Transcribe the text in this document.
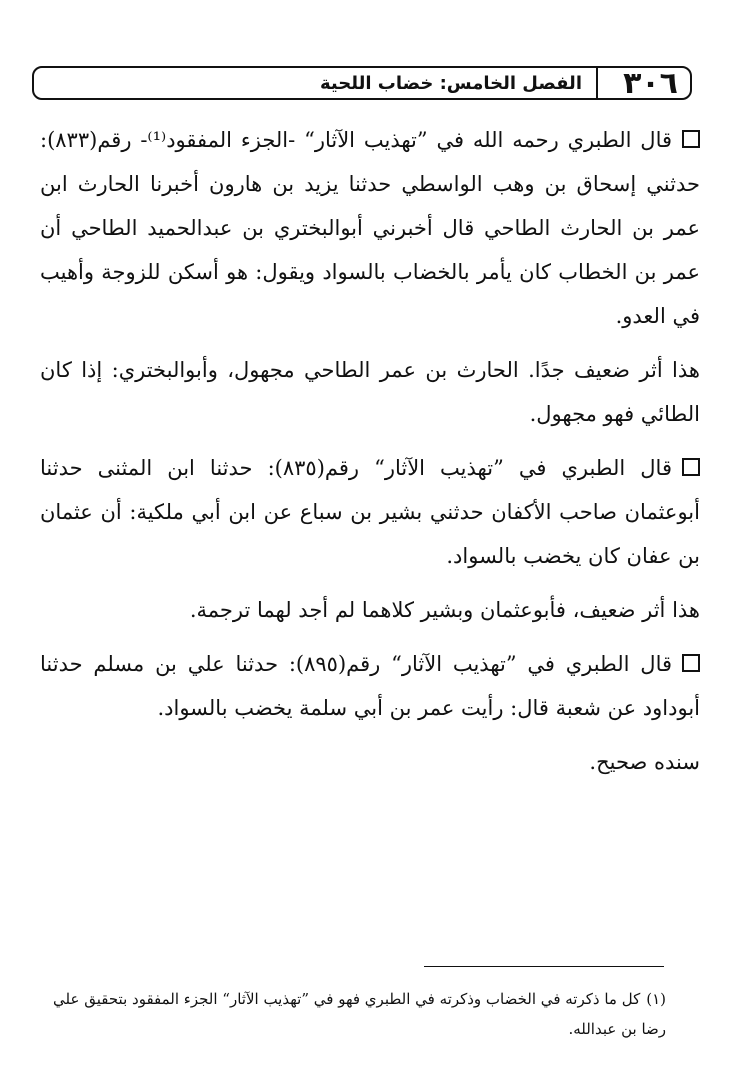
٣٠٦
الفصل الخامس: خضاب اللحية

قال الطبري رحمه الله في ”تهذيب الآثار“ -الجزء المفقود⁽¹⁾- رقم(٨٣٣): حدثني إسحاق بن وهب الواسطي حدثنا يزيد بن هارون أخبرنا الحارث ابن عمر بن الحارث الطاحي قال أخبرني أبوالبختري بن عبدالحميد الطاحي أن عمر بن الخطاب كان يأمر بالخضاب بالسواد ويقول: هو أسكن للزوجة وأهيب في العدو.

هذا أثر ضعيف جدًا. الحارث بن عمر الطاحي مجهول، وأبوالبختري: إذا كان الطائي فهو مجهول.

قال الطبري في ”تهذيب الآثار“ رقم(٨٣٥): حدثنا ابن المثنى حدثنا أبوعثمان صاحب الأكفان حدثني بشير بن سباع عن ابن أبي ملكية: أن عثمان بن عفان كان يخضب بالسواد.

هذا أثر ضعيف، فأبوعثمان وبشير كلاهما لم أجد لهما ترجمة.

قال الطبري في ”تهذيب الآثار“ رقم(٨٩٥): حدثنا علي بن مسلم حدثنا أبوداود عن شعبة قال: رأيت عمر بن أبي سلمة يخضب بالسواد.

سنده صحيح.

(١)كل ما ذكرته في الخضاب وذكرته في الطبري فهو في ”تهذيب الآثار“ الجزء المفقود بتحقيق علي رضا بن عبدالله.
